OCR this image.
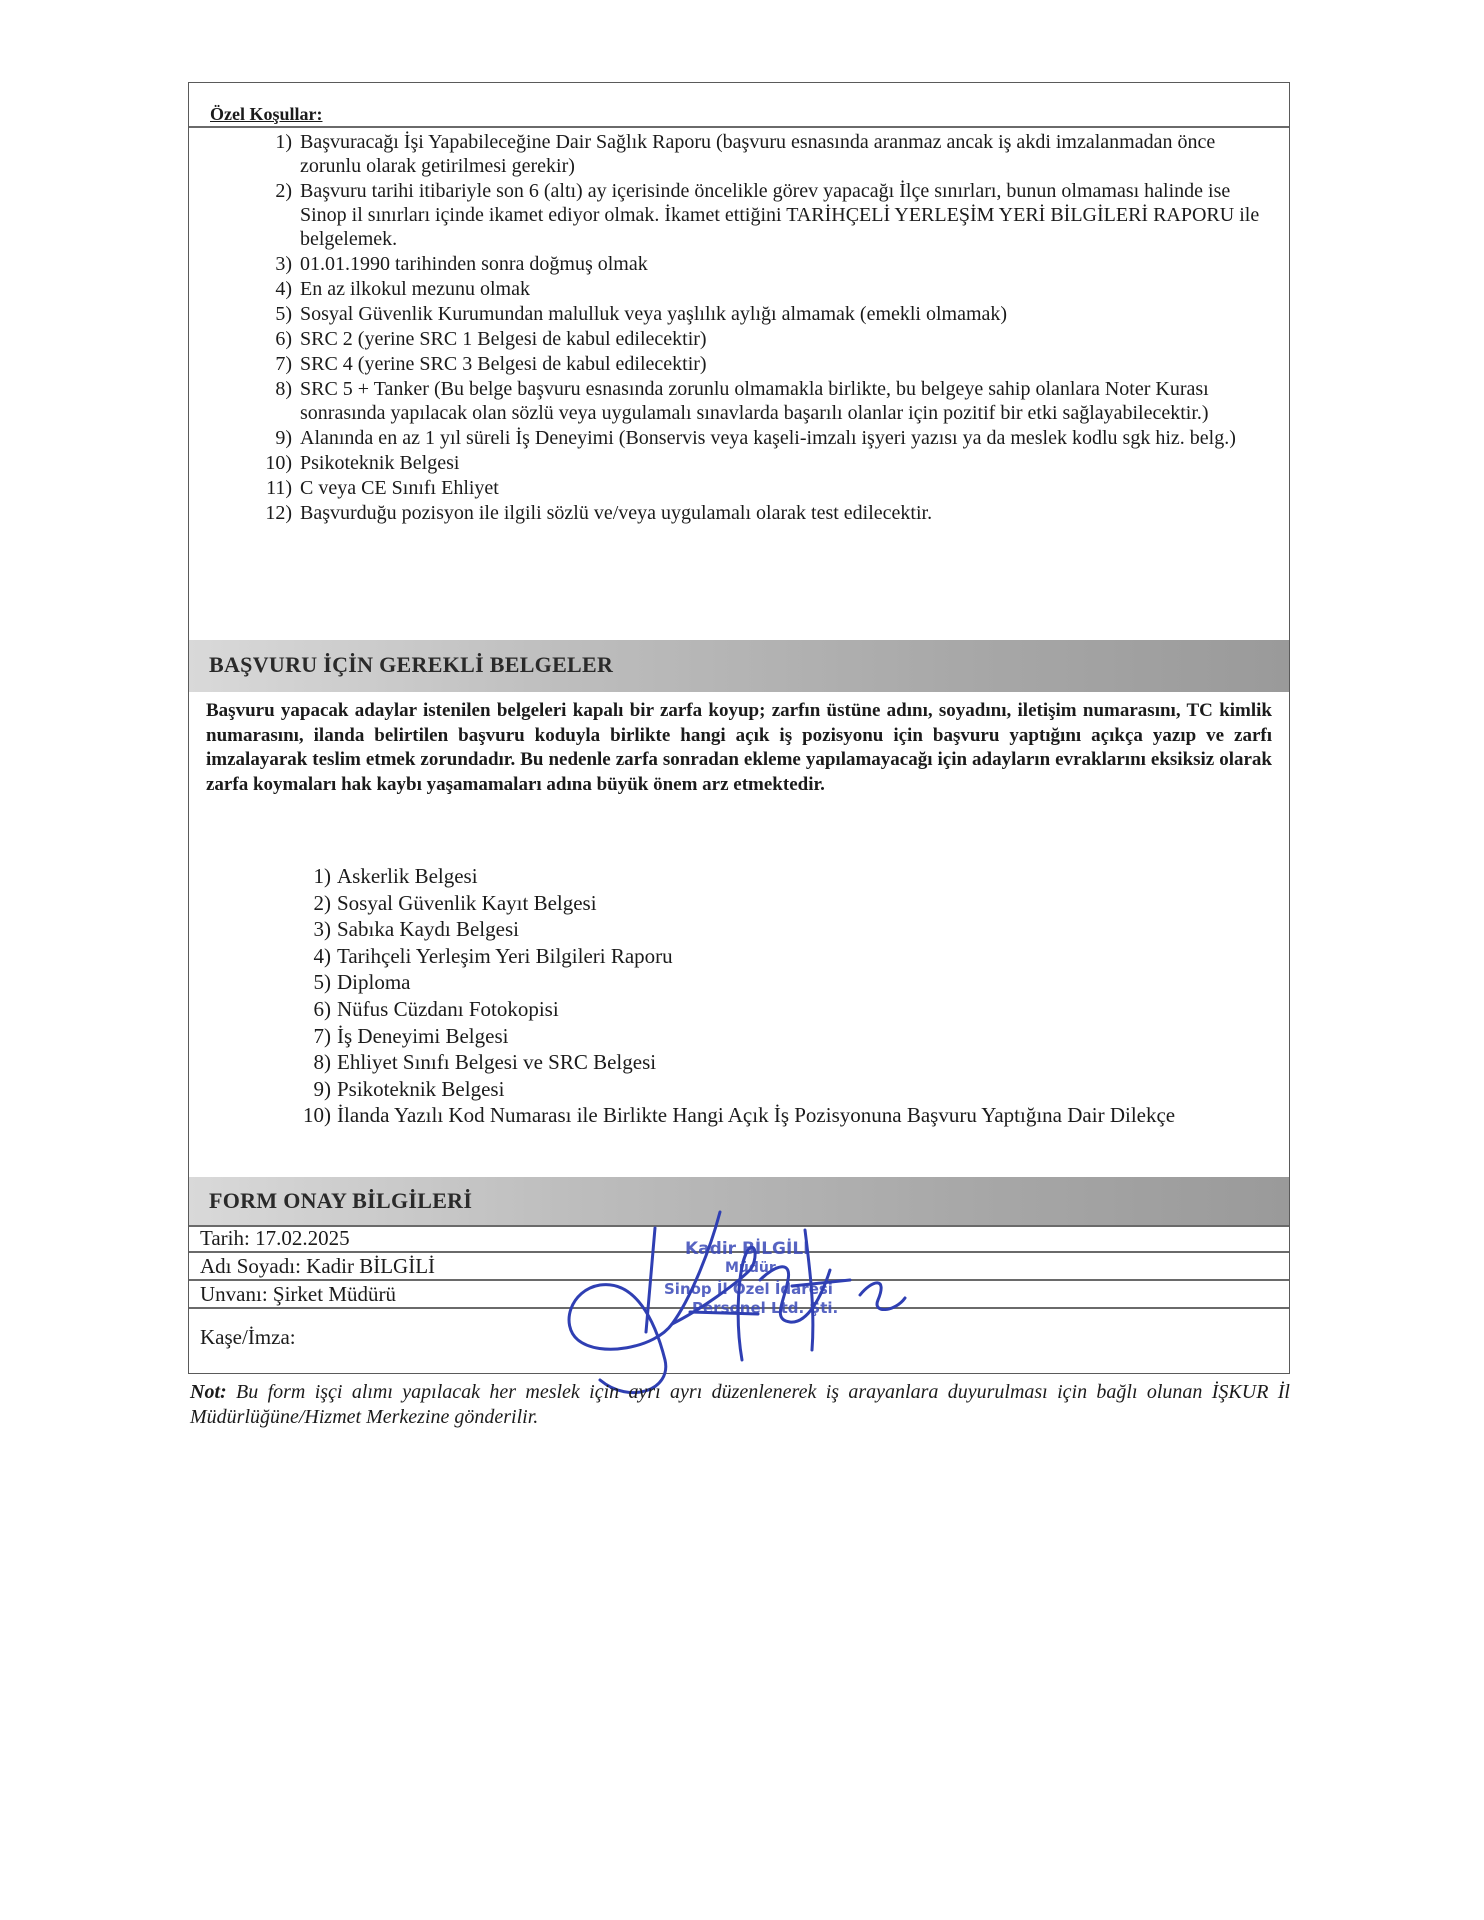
Özel Koşullar:
1) Başvuracağı İşi Yapabileceğine Dair Sağlık Raporu (başvuru esnasında aranmaz ancak iş akdi imzalanmadan önce zorunlu olarak getirilmesi gerekir)
2) Başvuru tarihi itibariyle son 6 (altı) ay içerisinde öncelikle görev yapacağı İlçe sınırları, bunun olmaması halinde ise Sinop il sınırları içinde ikamet ediyor olmak. İkamet ettiğini TARİHÇELİ YERLEŞİM YERİ BİLGİLERİ RAPORU ile belgelemek.
3) 01.01.1990 tarihinden sonra doğmuş olmak
4) En az ilkokul mezunu olmak
5) Sosyal Güvenlik Kurumundan malulluk veya yaşlılık aylığı almamak (emekli olmamak)
6) SRC 2 (yerine SRC 1 Belgesi de kabul edilecektir)
7) SRC 4 (yerine SRC 3 Belgesi de kabul edilecektir)
8) SRC 5 + Tanker (Bu belge başvuru esnasında zorunlu olmamakla birlikte, bu belgeye sahip olanlara Noter Kurası sonrasında yapılacak olan sözlü veya uygulamalı sınavlarda başarılı olanlar için pozitif bir etki sağlayabilecektir.)
9) Alanında en az 1 yıl süreli İş Deneyimi (Bonservis veya kaşeli-imzalı işyeri yazısı ya da meslek kodlu sgk hiz. belg.)
10) Psikoteknik Belgesi
11) C veya CE Sınıfı Ehliyet
12) Başvurduğu pozisyon ile ilgili sözlü ve/veya uygulamalı olarak test edilecektir.
BAŞVURU İÇİN GEREKLİ BELGELER
Başvuru yapacak adaylar istenilen belgeleri kapalı bir zarfa koyup; zarfın üstüne adını, soyadını, iletişim numarasını, TC kimlik numarasını, ilanda belirtilen başvuru koduyla birlikte hangi açık iş pozisyonu için başvuru yaptığını açıkça yazıp ve zarfı imzalayarak teslim etmek zorundadır. Bu nedenle zarfa sonradan ekleme yapılamayacağı için adayların evraklarını eksiksiz olarak zarfa koymaları hak kaybı yaşamamaları adına büyük önem arz etmektedir.
1) Askerlik Belgesi
2) Sosyal Güvenlik Kayıt Belgesi
3) Sabıka Kaydı Belgesi
4) Tarihçeli Yerleşim Yeri Bilgileri Raporu
5) Diploma
6) Nüfus Cüzdanı Fotokopisi
7) İş Deneyimi Belgesi
8) Ehliyet Sınıfı Belgesi ve SRC Belgesi
9) Psikoteknik Belgesi
10) İlanda Yazılı Kod Numarası ile Birlikte Hangi Açık İş Pozisyonuna Başvuru Yaptığına Dair Dilekçe
FORM ONAY BİLGİLERİ
Tarih: 17.02.2025
Adı Soyadı: Kadir BİLGİLİ
Unvanı: Şirket Müdürü
Kaşe/İmza:
Kadir BİLGİLİ
Müdür
Sinop İl Özel İdaresi
Personel Ltd. Şti.
Not: Bu form işçi alımı yapılacak her meslek için ayrı ayrı düzenlenerek iş arayanlara duyurulması için bağlı olunan İŞKUR İl Müdürlüğüne/Hizmet Merkezine gönderilir.
